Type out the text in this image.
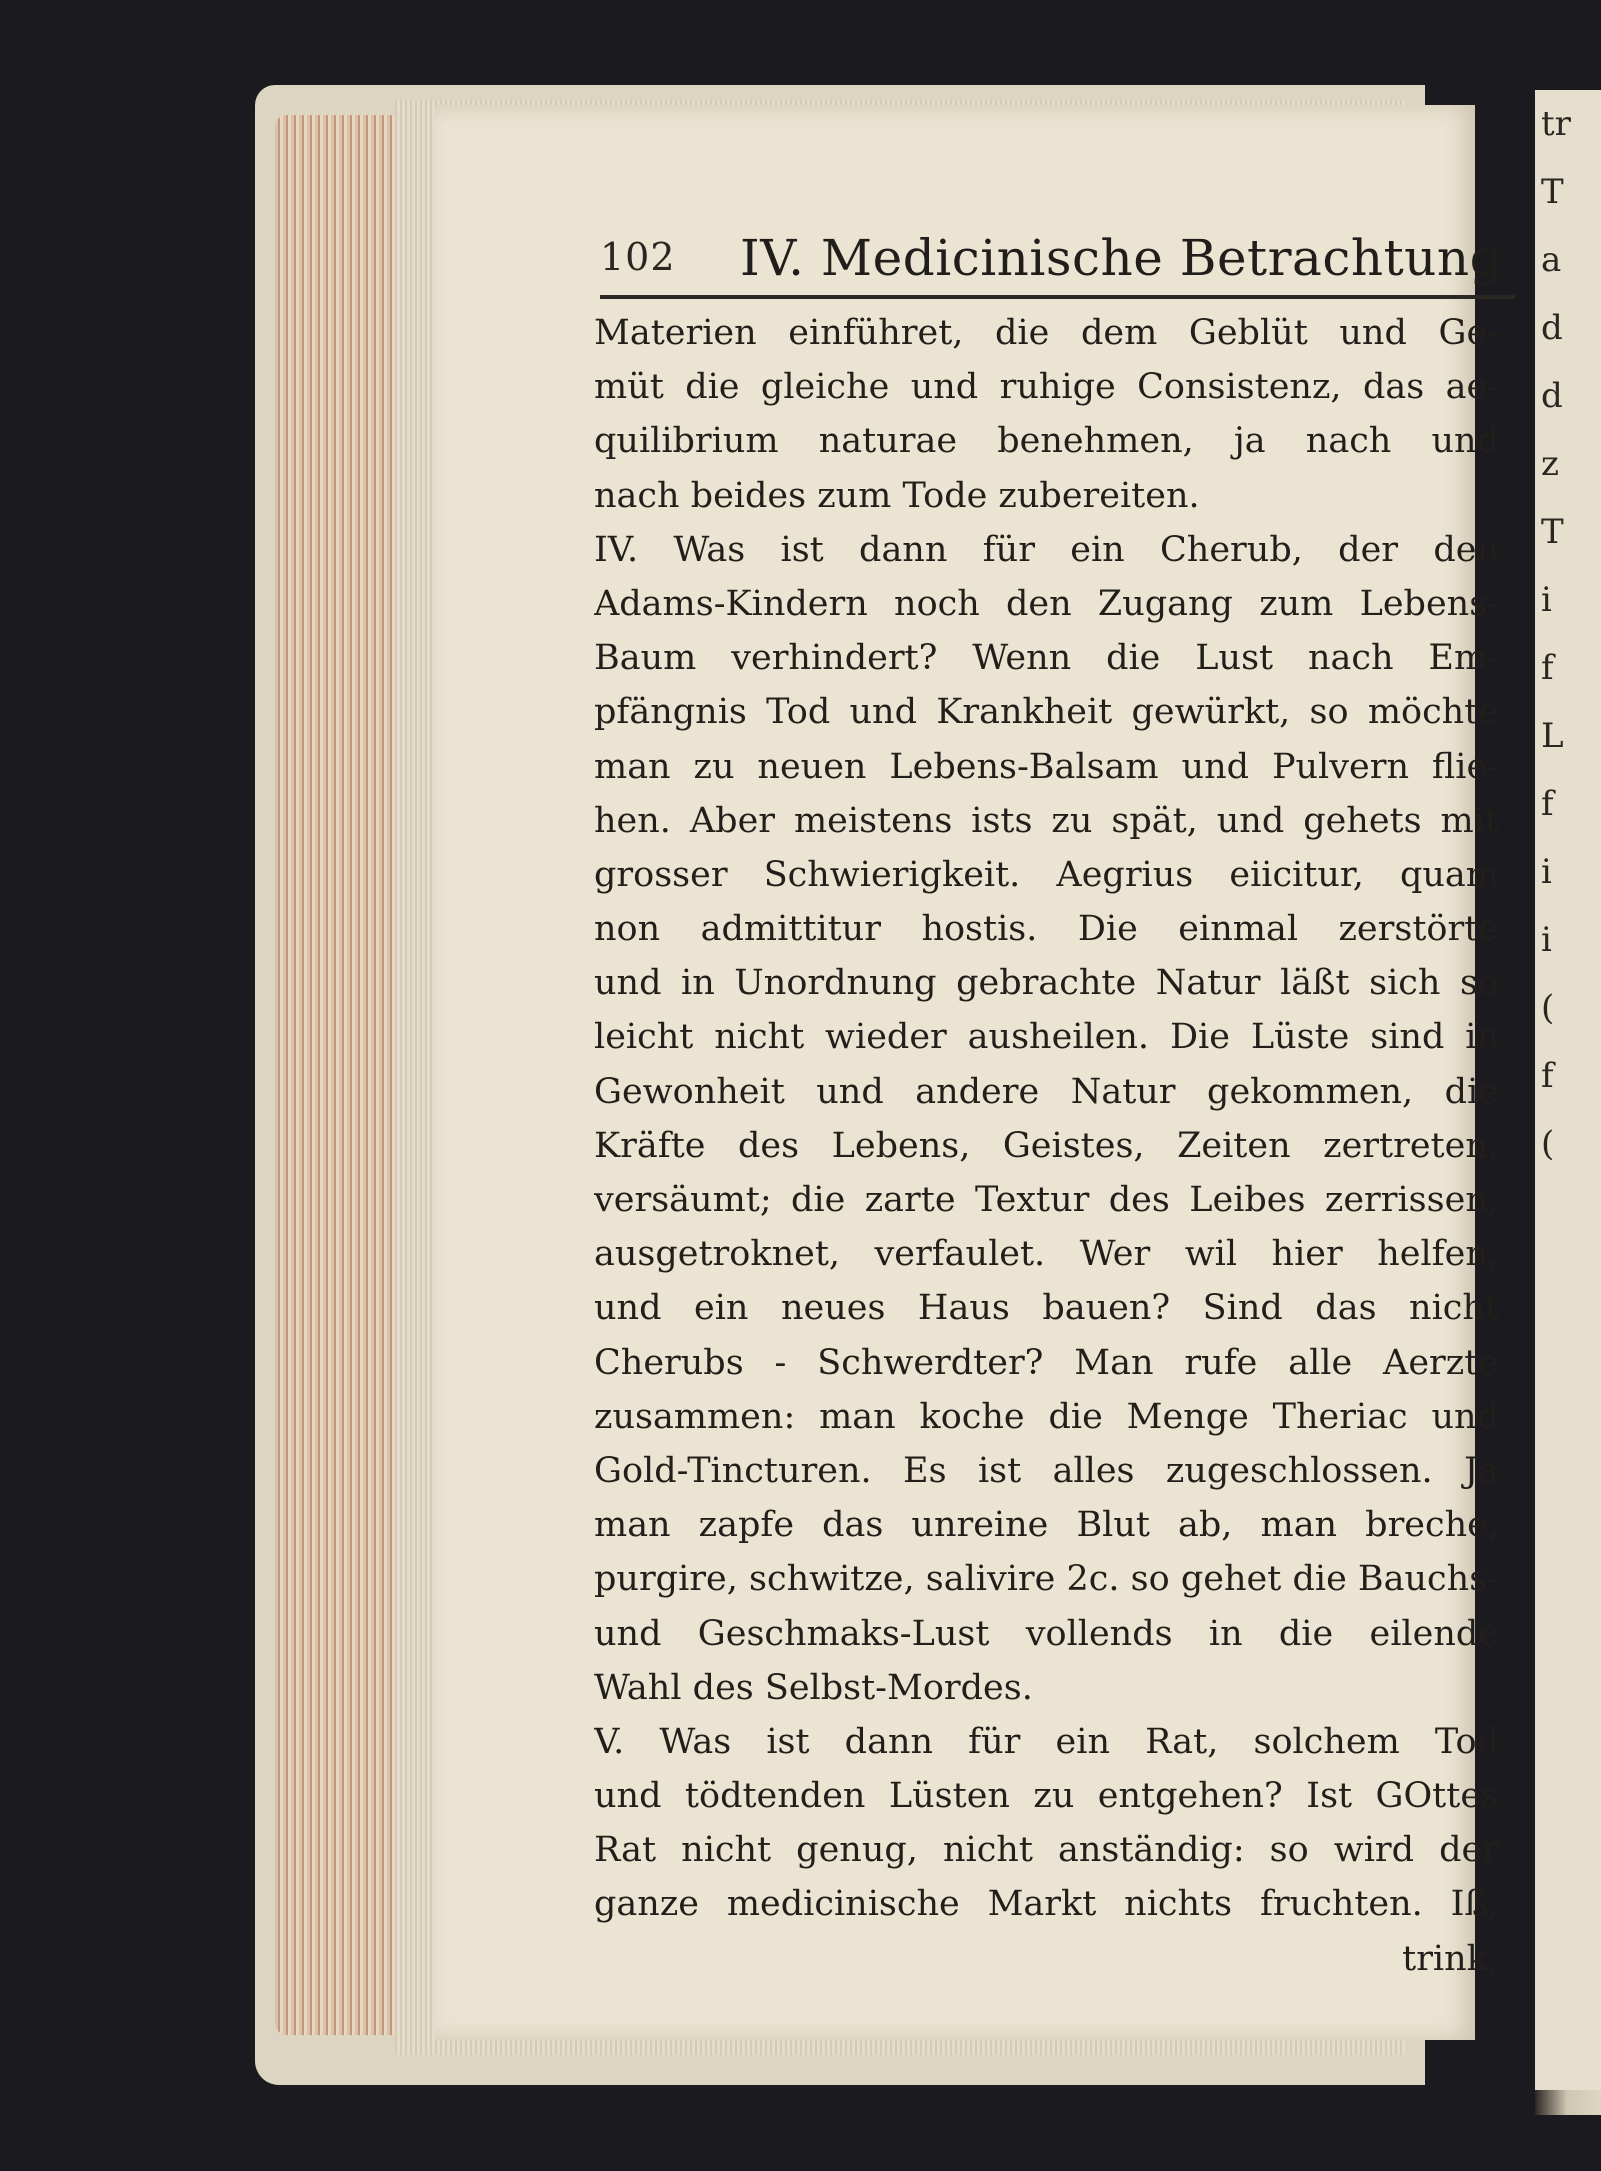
tr
T
a
d
d
z
T
i
f
L
f
i
i
(
f
(
102 IV. Medicinische Betrachtung
Materien einführet, die dem Geblüt und Ge-
müt die gleiche und ruhige Consistenz, das ae-
quilibrium naturae benehmen, ja nach und
nach beides zum Tode zubereiten.
IV. Was ist dann für ein Cherub, der den
Adams-Kindern noch den Zugang zum Lebens-
Baum verhindert? Wenn die Lust nach Em-
pfängnis Tod und Krankheit gewürkt, so möchte
man zu neuen Lebens-Balsam und Pulvern flie-
hen. Aber meistens ists zu spät, und gehets mit
grosser Schwierigkeit. Aegrius eiicitur, quam
non admittitur hostis. Die einmal zerstörte
und in Unordnung gebrachte Natur läßt sich so
leicht nicht wieder ausheilen. Die Lüste sind in
Gewonheit und andere Natur gekommen, die
Kräfte des Lebens, Geistes, Zeiten zertreten,
versäumt; die zarte Textur des Leibes zerrissen,
ausgetroknet, verfaulet. Wer wil hier helfen,
und ein neues Haus bauen? Sind das nicht
Cherubs - Schwerdter? Man rufe alle Aerzte
zusammen: man koche die Menge Theriac und
Gold-Tincturen. Es ist alles zugeschlossen. Ja
man zapfe das unreine Blut ab, man breche,
purgire, schwitze, salivire 2c. so gehet die Bauchs-
und Geschmaks-Lust vollends in die eilende
Wahl des Selbst-Mordes.
V. Was ist dann für ein Rat, solchem Tod
und tödtenden Lüsten zu entgehen? Ist GOttes
Rat nicht genug, nicht anständig: so wird der
ganze medicinische Markt nichts fruchten. Iß,
trink,
